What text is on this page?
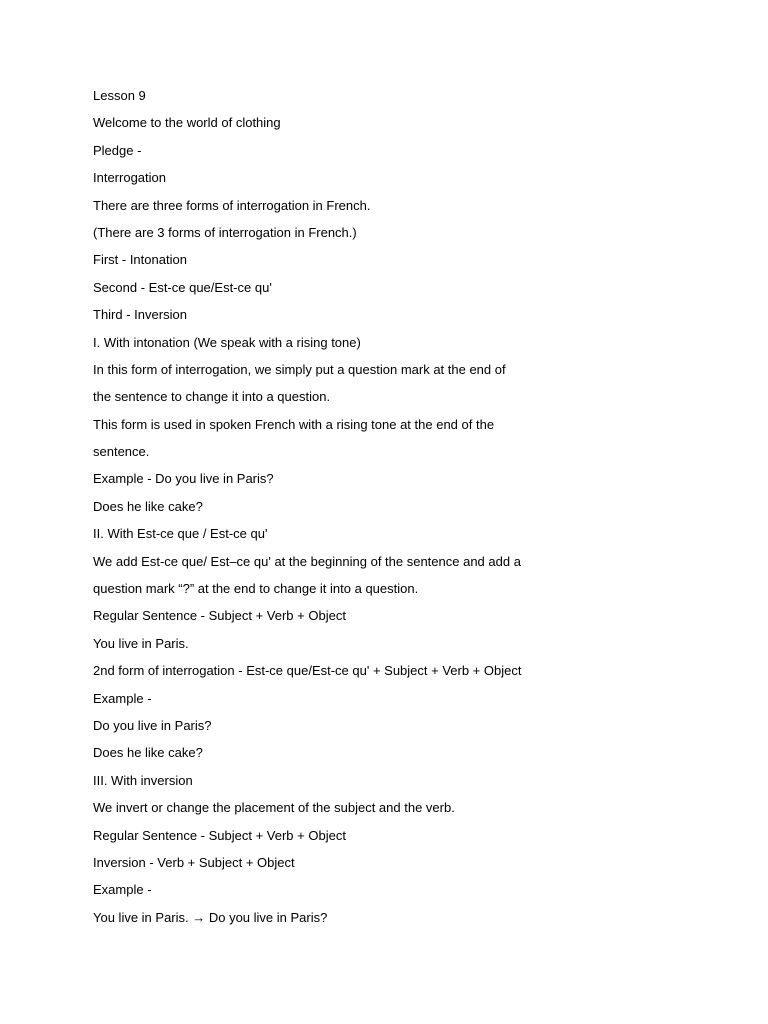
Lesson 9
Welcome to the world of clothing
Pledge -
Interrogation
There are three forms of interrogation in French.
(There are 3 forms of interrogation in French.)
First - Intonation
Second - Est-ce que/Est-ce qu'
Third - Inversion
I. With intonation (We speak with a rising tone)
In this form of interrogation, we simply put a question mark at the end of
the sentence to change it into a question.
This form is used in spoken French with a rising tone at the end of the
sentence.
Example - Do you live in Paris?
Does he like cake?
II. With Est-ce que / Est-ce qu'
We add Est-ce que/ Est–ce qu' at the beginning of the sentence and add a
question mark “?” at the end to change it into a question.
Regular Sentence - Subject + Verb + Object
You live in Paris.
2nd form of interrogation - Est-ce que/Est-ce qu' + Subject + Verb + Object
Example -
Do you live in Paris?
Does he like cake?
III. With inversion
We invert or change the placement of the subject and the verb.
Regular Sentence - Subject + Verb + Object
Inversion - Verb + Subject + Object
Example -
You live in Paris. → Do you live in Paris?
